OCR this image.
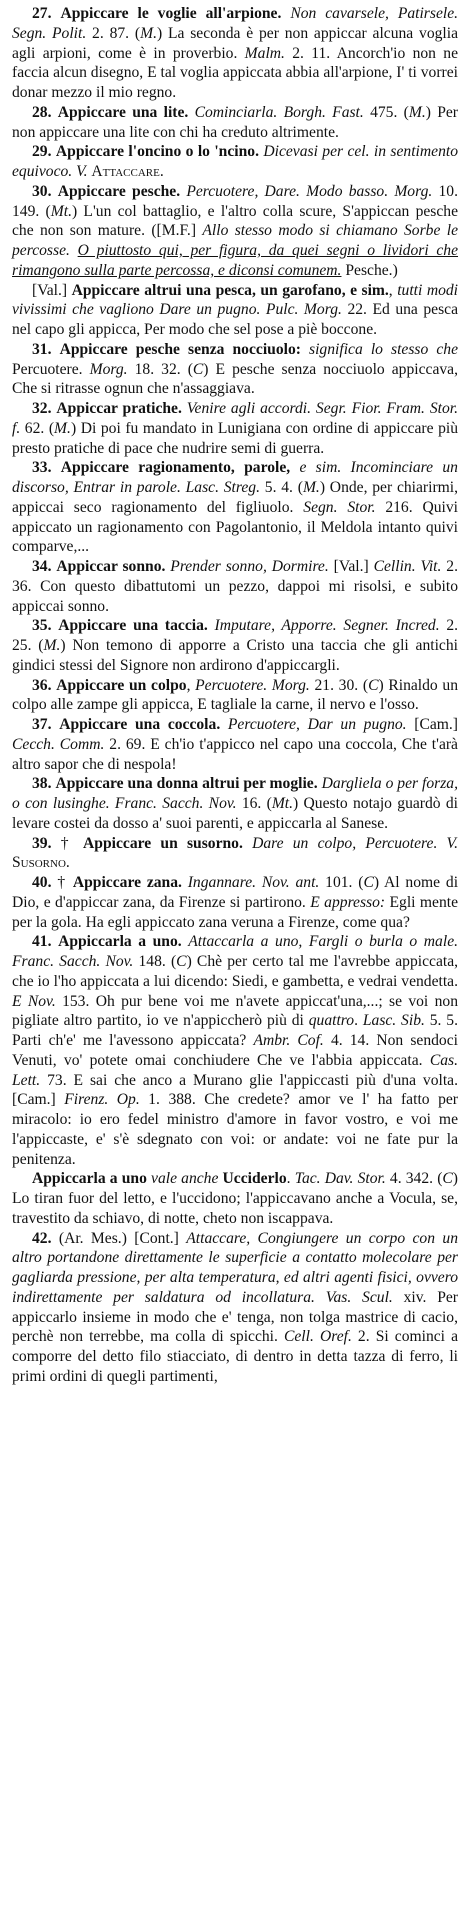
27. Appiccare le voglie all'arpione. Non cavarsele, Patirsele. Segn. Polit. 2. 87. (M.) La seconda è per non appiccar alcuna voglia agli arpioni, come è in proverbio. Malm. 2. 11. Ancorch'io non ne faccia alcun disegno, E tal voglia appiccata abbia all'arpione, I' ti vorrei donar mezzo il mio regno.

28. Appiccare una lite. Cominciarla. Borgh. Fast. 475. (M.) Per non appiccare una lite con chi ha creduto altrimente.

29. Appiccare l'oncino o lo 'ncino. Dicevasi per cel. in sentimento equivoco. V. Attaccare.

30. Appiccare pesche. Percuotere, Dare. Modo basso. Morg. 10. 149. (Mt.) L'un col battaglio, e l'altro colla scure, S'appiccan pesche che non son mature. ([M.F.] Allo stesso modo si chiamano Sorbe le percosse. O piuttosto qui, per figura, da quei segni o lividori che rimangono sulla parte percossa, e diconsi comunem. Pesche.)

[Val.] Appiccare altrui una pesca, un garofano, e sim., tutti modi vivissimi che vagliono Dare un pugno. Pulc. Morg. 22. Ed una pesca nel capo gli appicca, Per modo che sel pose a piè boccone.

31. Appiccare pesche senza nocciuolo: significa lo stesso che Percuotere. Morg. 18. 32. (C) E pesche senza nocciuolo appiccava, Che si ritrasse ognun che n'assaggiava.

32. Appiccar pratiche. Venire agli accordi. Segr. Fior. Fram. Stor. f. 62. (M.) Di poi fu mandato in Lunigiana con ordine di appiccare più presto pratiche di pace che nudrire semi di guerra.

33. Appiccare ragionamento, parole, e sim. Incominciare un discorso, Entrar in parole. Lasc. Streg. 5. 4. (M.) Onde, per chiarirmi, appiccai seco ragionamento del figliuolo. Segn. Stor. 216. Quivi appiccato un ragionamento con Pagolantonio, il Meldola intanto quivi comparve,...

34. Appiccar sonno. Prender sonno, Dormire. [Val.] Cellin. Vit. 2. 36. Con questo dibattutomi un pezzo, dappoi mi risolsi, e subito appiccai sonno.

35. Appiccare una taccia. Imputare, Apporre. Segner. Incred. 2. 25. (M.) Non temono di apporre a Cristo una taccia che gli antichi gindici stessi del Signore non ardirono d'appiccargli.

36. Appiccare un colpo, Percuotere. Morg. 21. 30. (C) Rinaldo un colpo alle zampe gli appicca, E tagliale la carne, il nervo e l'osso.

37. Appiccare una coccola. Percuotere, Dar un pugno. [Cam.] Cecch. Comm. 2. 69. E ch'io t'appicco nel capo una coccola, Che t'arà altro sapor che di nespola!

38. Appiccare una donna altrui per moglie. Dargliela o per forza, o con lusinghe. Franc. Sacch. Nov. 16. (Mt.) Questo notajo guardò di levare costei da dosso a' suoi parenti, e appiccarla al Sanese.

39. † Appiccare un susorno. Dare un colpo, Percuotere. V. Susorno.

40. † Appiccare zana. Ingannare. Nov. ant. 101. (C) Al nome di Dio, e d'appiccar zana, da Firenze si partirono. E appresso: Egli mente per la gola. Ha egli appiccato zana veruna a Firenze, come qua?

41. Appiccarla a uno. Attaccarla a uno, Fargli o burla o male. Franc. Sacch. Nov. 148. (C) Chè per certo tal me l'avrebbe appiccata, che io l'ho appiccata a lui dicendo: Siedi, e gambetta, e vedrai vendetta. E Nov. 153. Oh pur bene voi me n'avete appiccat'una,...; se voi non pigliate altro partito, io ve n'appiccherò più di quattro. Lasc. Sib. 5. 5. Parti ch'e' me l'avessono appiccata? Ambr. Cof. 4. 14. Non sendoci Venuti, vo' potete omai conchiudere Che ve l'abbia appiccata. Cas. Lett. 73. E sai che anco a Murano glie l'appiccasti più d'una volta. [Cam.] Firenz. Op. 1. 388. Che credete? amor ve l' ha fatto per miracolo: io ero fedel ministro d'amore in favor vostro, e voi me l'appiccaste, e' s'è sdegnato con voi: or andate: voi ne fate pur la penitenza.

Appiccarla a uno vale anche Ucciderlo. Tac. Dav. Stor. 4. 342. (C) Lo tiran fuor del letto, e l'uccidono; l'appiccavano anche a Vocula, se, travestito da schiavo, di notte, cheto non iscappava.

42. (Ar. Mes.) [Cont.] Attaccare, Congiungere un corpo con un altro portandone direttamente le superficie a contatto molecolare per gagliarda pressione, per alta temperatura, ed altri agenti fisici, ovvero indirettamente per saldatura od incollatura. Vas. Scul. xiv. Per appiccarlo insieme in modo che e' tenga, non tolga mastrice di cacio, perchè non terrebbe, ma colla di spicchi. Cell. Oref. 2. Si cominci a comporre del detto filo stiacciato, di dentro in detta tazza di ferro, li primi ordini di quegli partimenti,
